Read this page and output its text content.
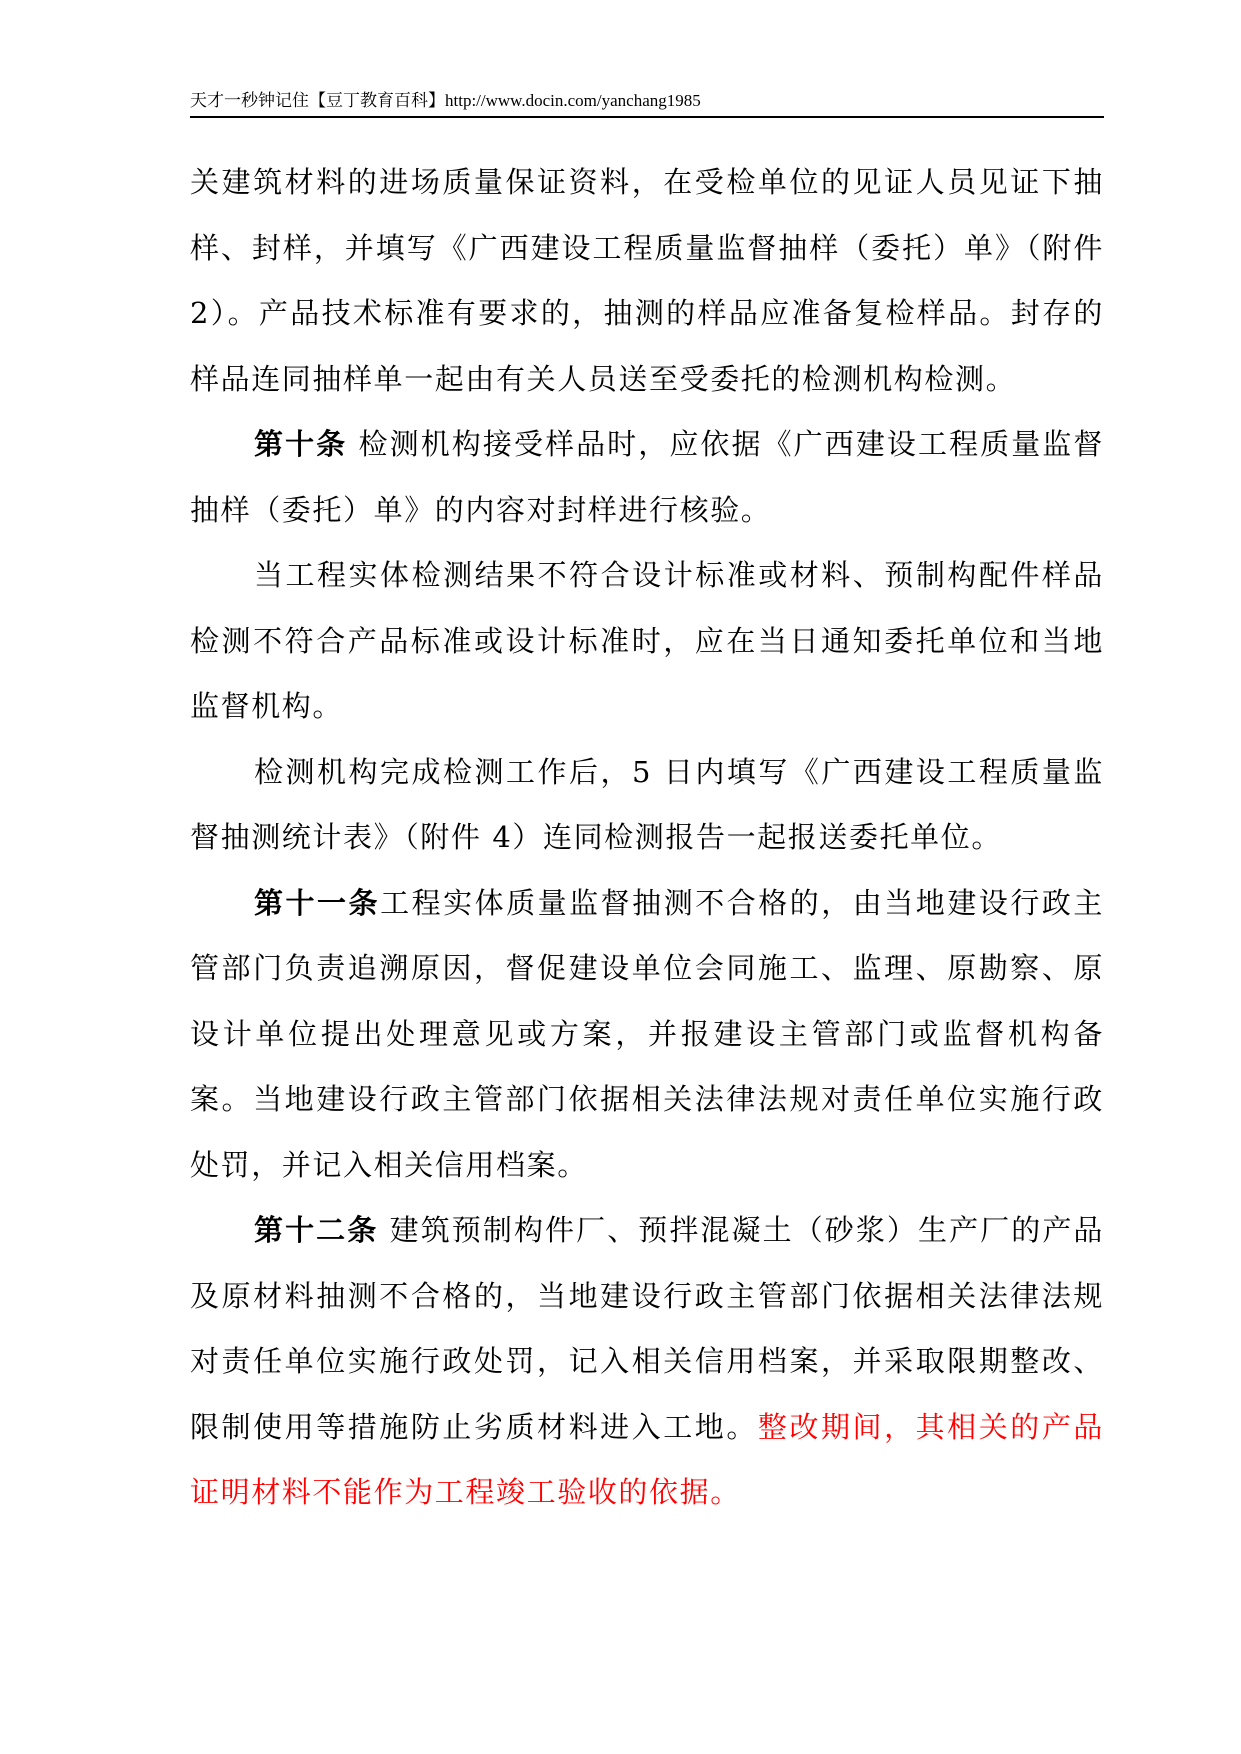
天才一秒钟记住【豆丁教育百科】http://www.docin.com/yanchang1985

关建筑材料的进场质量保证资料，在受检单位的见证人员见证下抽样、封样，并填写《广西建设工程质量监督抽样（委托）单》（附件 2）。产品技术标准有要求的，抽测的样品应准备复检样品。封存的样品连同抽样单一起由有关人员送至受委托的检测机构检测。

第十条 检测机构接受样品时，应依据《广西建设工程质量监督抽样（委托）单》的内容对封样进行核验。

当工程实体检测结果不符合设计标准或材料、预制构配件样品检测不符合产品标准或设计标准时，应在当日通知委托单位和当地监督机构。

检测机构完成检测工作后，5 日内填写《广西建设工程质量监督抽测统计表》（附件 4）连同检测报告一起报送委托单位。

第十一条工程实体质量监督抽测不合格的，由当地建设行政主管部门负责追溯原因，督促建设单位会同施工、监理、原勘察、原设计单位提出处理意见或方案，并报建设主管部门或监督机构备案。当地建设行政主管部门依据相关法律法规对责任单位实施行政处罚，并记入相关信用档案。

第十二条 建筑预制构件厂、预拌混凝土（砂浆）生产厂的产品及原材料抽测不合格的，当地建设行政主管部门依据相关法律法规对责任单位实施行政处罚，记入相关信用档案，并采取限期整改、限制使用等措施防止劣质材料进入工地。整改期间，其相关的产品证明材料不能作为工程竣工验收的依据。
